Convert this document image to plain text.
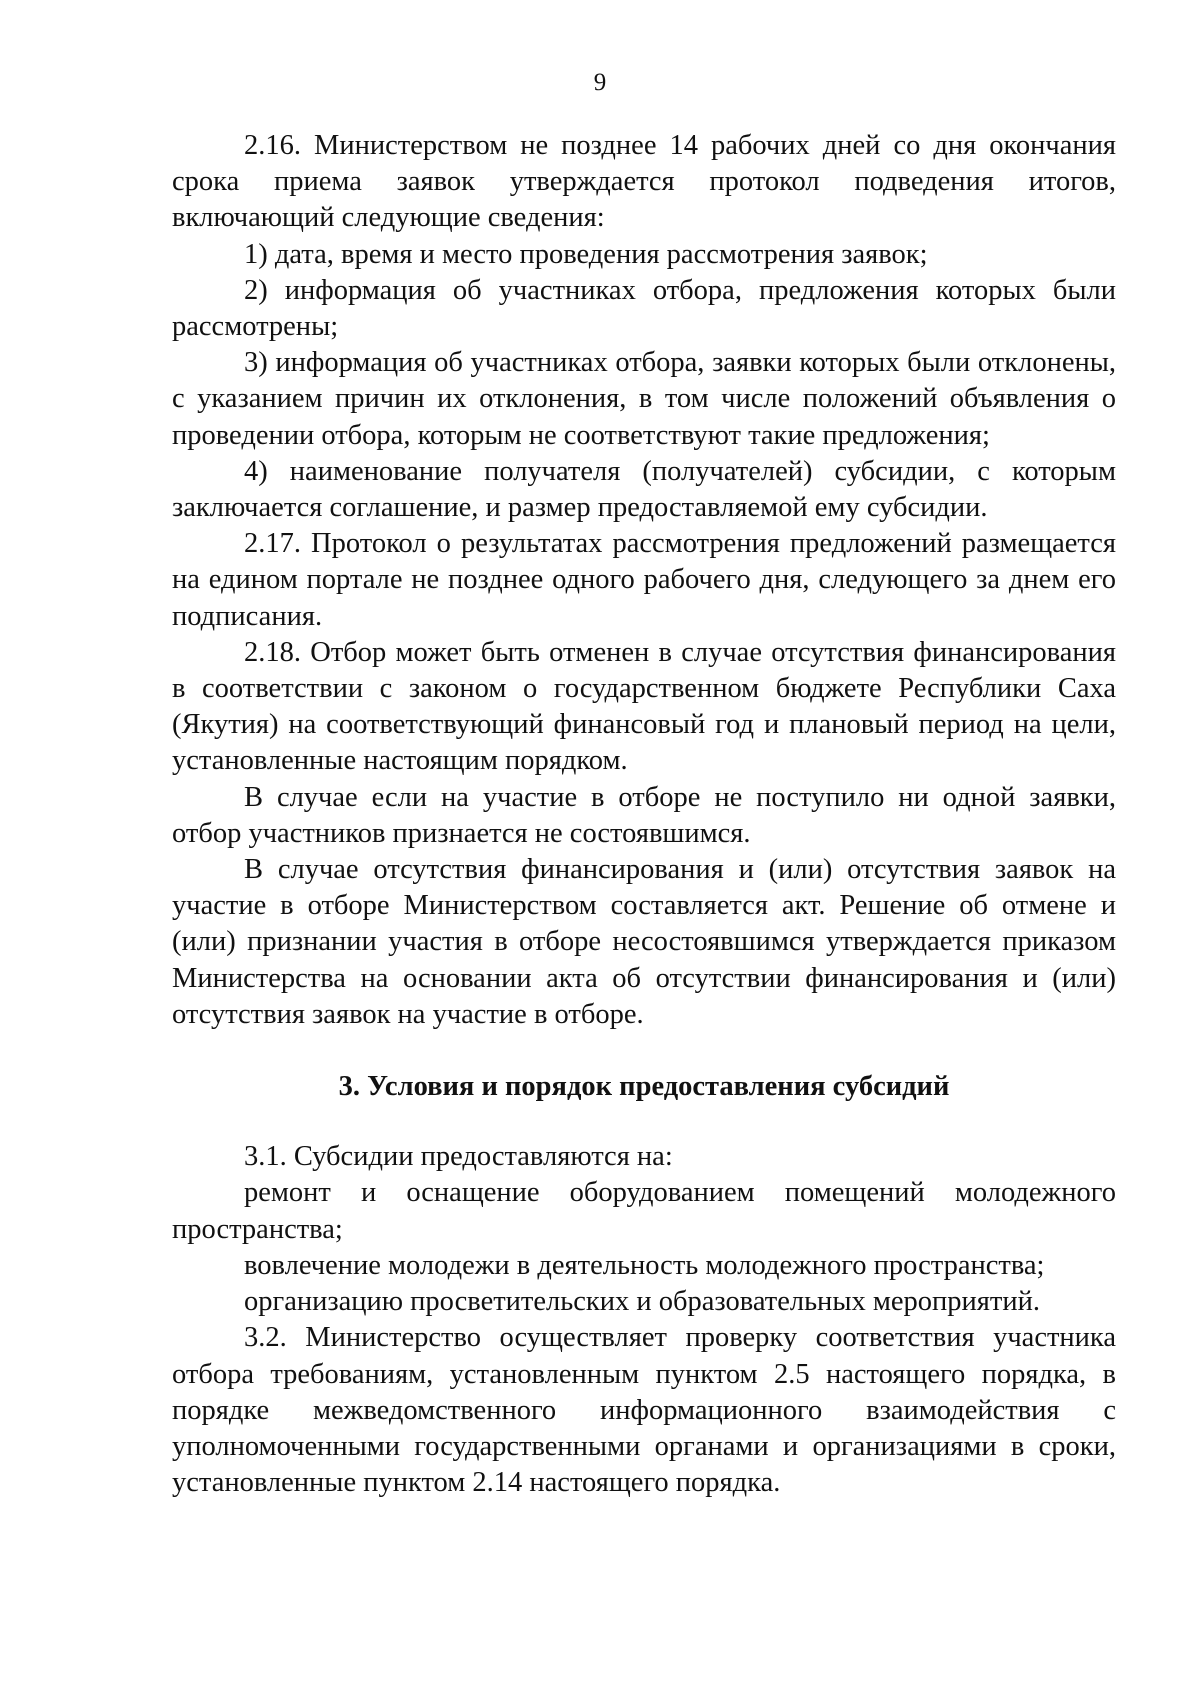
9

2.16. Министерством не позднее 14 рабочих дней со дня окончания срока приема заявок утверждается протокол подведения итогов, включающий следующие сведения:

1) дата, время и место проведения рассмотрения заявок;

2) информация об участниках отбора, предложения которых были рассмотрены;

3) информация об участниках отбора, заявки которых были отклонены, с указанием причин их отклонения, в том числе положений объявления о проведении отбора, которым не соответствуют такие предложения;

4) наименование получателя (получателей) субсидии, с которым заключается соглашение, и размер предоставляемой ему субсидии.

2.17. Протокол о результатах рассмотрения предложений размещается на едином портале не позднее одного рабочего дня, следующего за днем его подписания.

2.18. Отбор может быть отменен в случае отсутствия финансирования в соответствии с законом о государственном бюджете Республики Саха (Якутия) на соответствующий финансовый год и плановый период на цели, установленные настоящим порядком.

В случае если на участие в отборе не поступило ни одной заявки, отбор участников признается не состоявшимся.

В случае отсутствия финансирования и (или) отсутствия заявок на участие в отборе Министерством составляется акт. Решение об отмене и (или) признании участия в отборе несостоявшимся утверждается приказом Министерства на основании акта об отсутствии финансирования и (или) отсутствия заявок на участие в отборе.

3. Условия и порядок предоставления субсидий

3.1. Субсидии предоставляются на:

ремонт и оснащение оборудованием помещений молодежного пространства;

вовлечение молодежи в деятельность молодежного пространства;

организацию просветительских и образовательных мероприятий.

3.2. Министерство осуществляет проверку соответствия участника отбора требованиям, установленным пунктом 2.5 настоящего порядка, в порядке межведомственного информационного взаимодействия с уполномоченными государственными органами и организациями в сроки, установленные пунктом 2.14 настоящего порядка.
